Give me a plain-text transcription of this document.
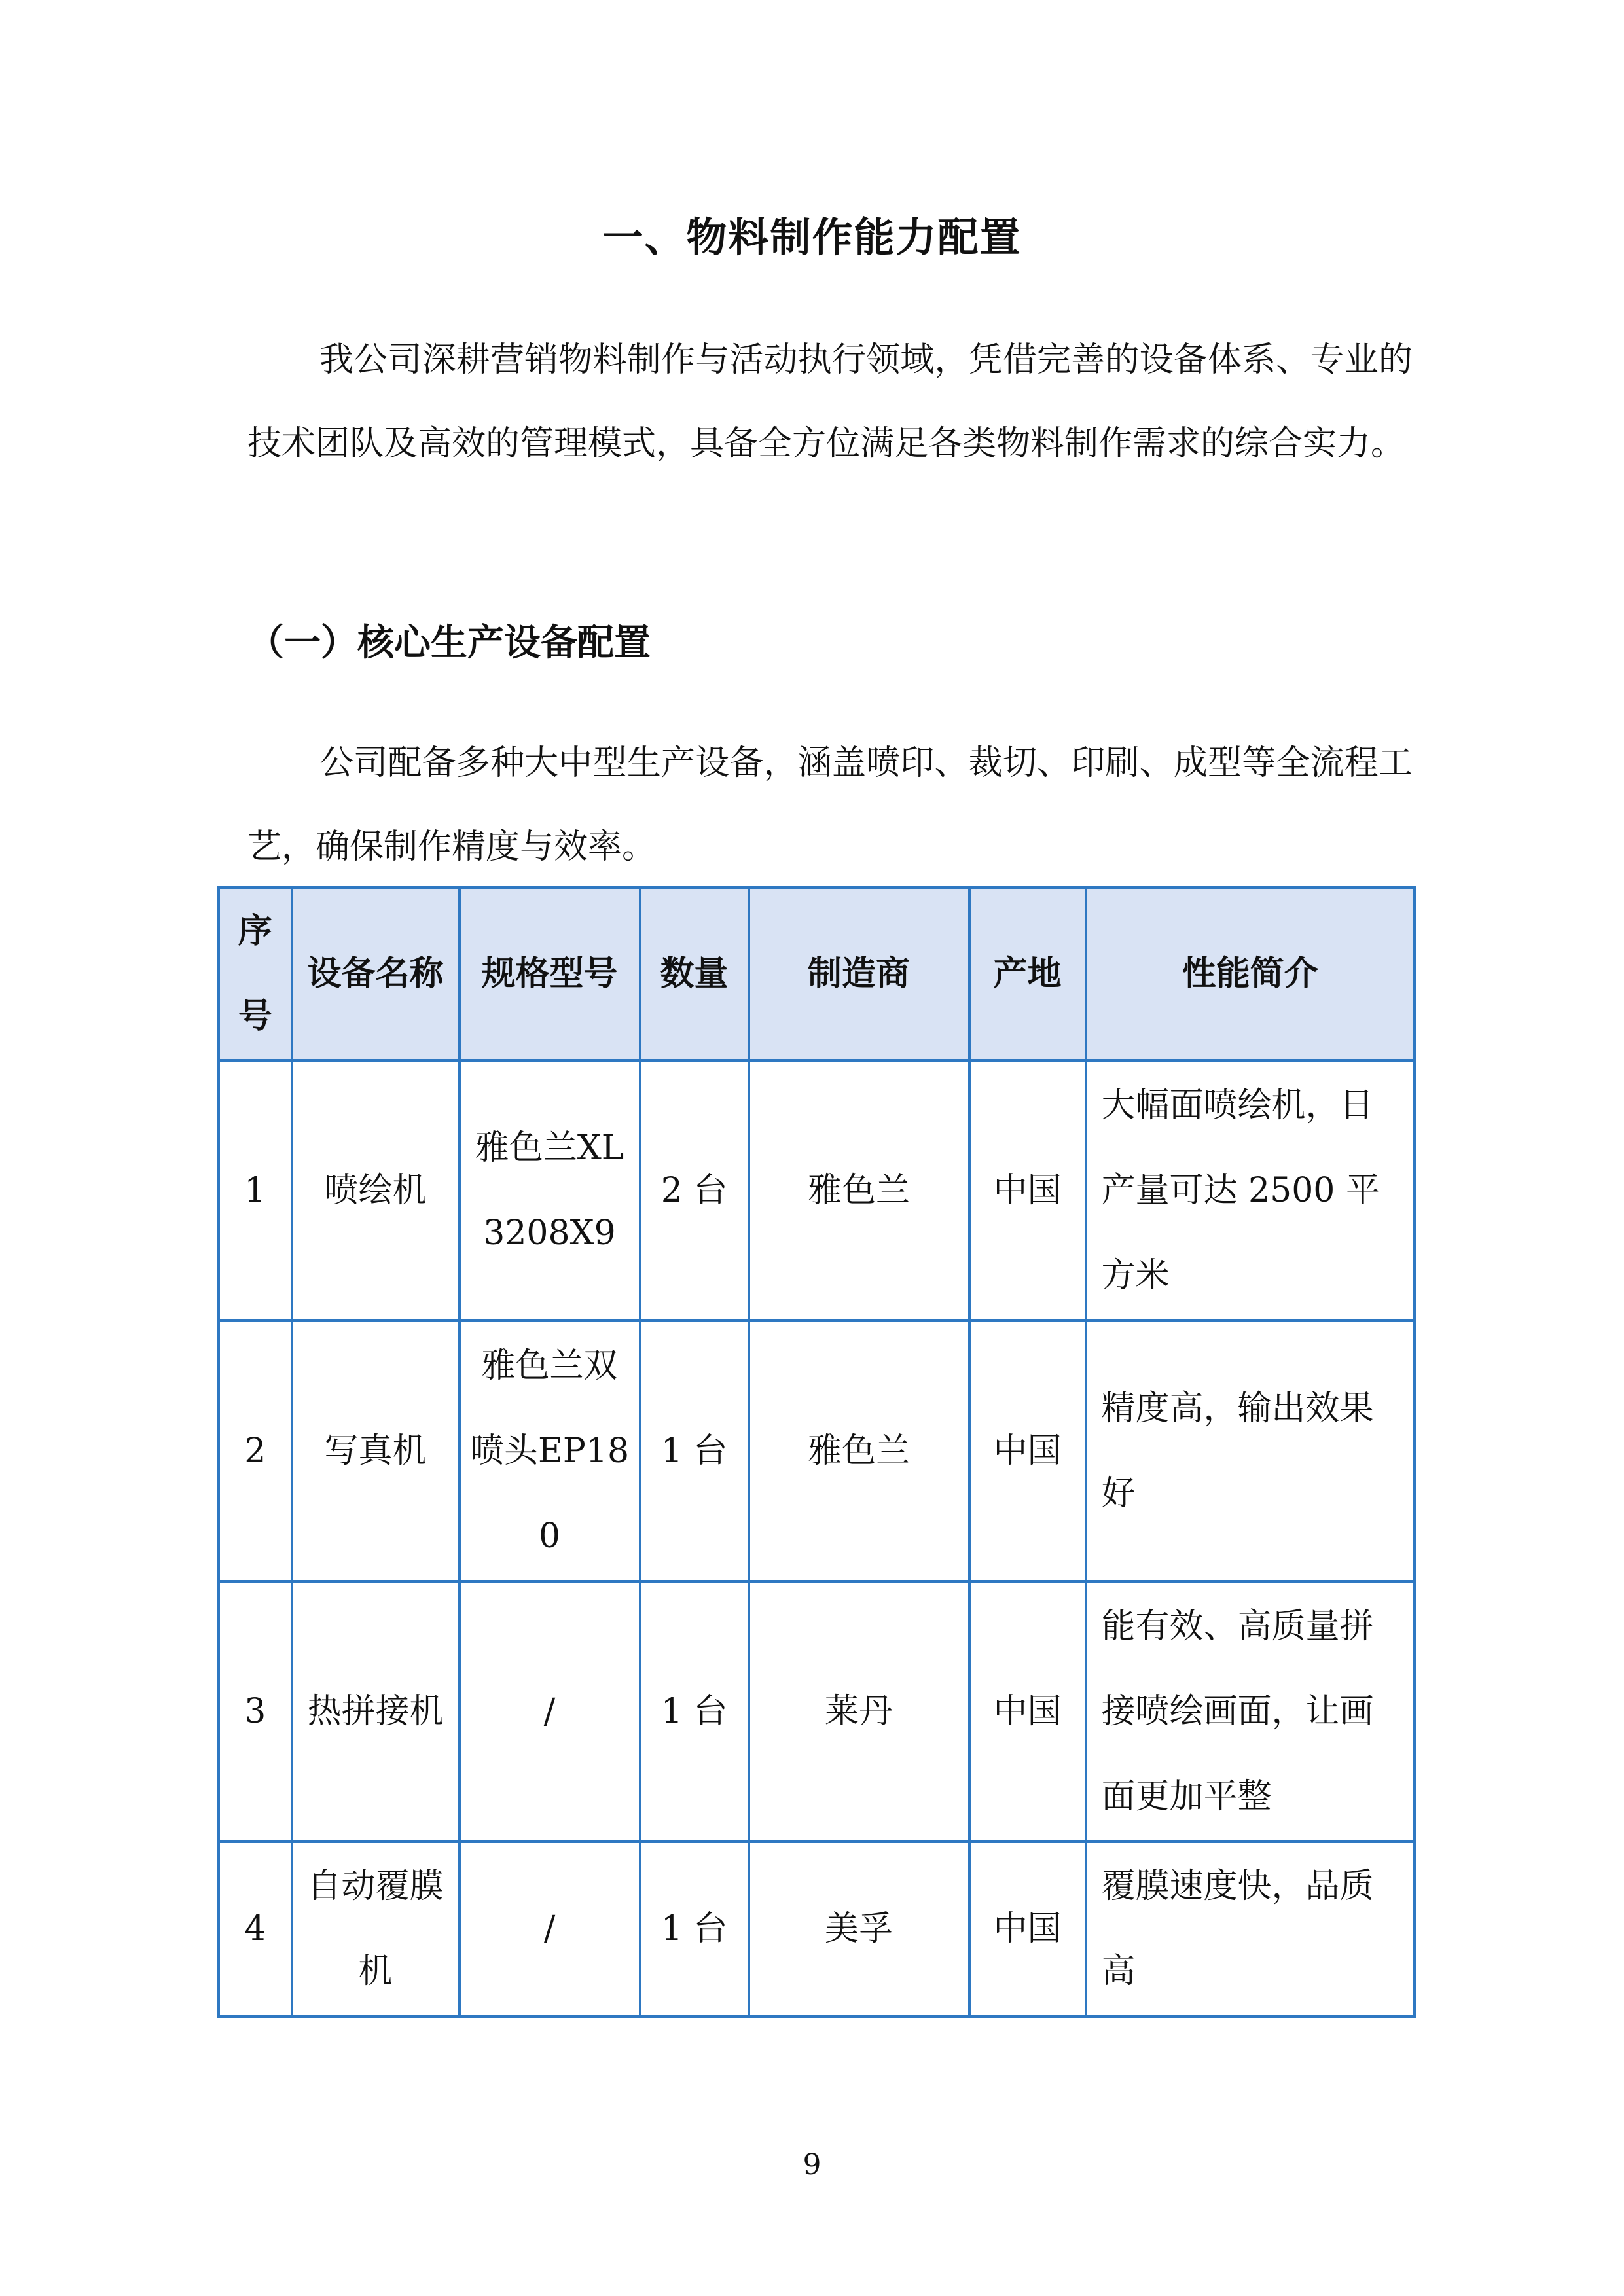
一、物料制作能力配置
我公司深耕营销物料制作与活动执行领域，凭借完善的设备体系、专业的技术团队及高效的管理模式，具备全方位满足各类物料制作需求的综合实力。
（一）核心生产设备配置
公司配备多种大中型生产设备，涵盖喷印、裁切、印刷、成型等全流程工艺，确保制作精度与效率。
序号	设备名称	规格型号	数量	制造商	产地	性能简介
1	喷绘机	雅色兰XL3208X9	2 台	雅色兰	中国	大幅面喷绘机，日产量可达 2500 平方米
2	写真机	雅色兰双喷头EP180	1 台	雅色兰	中国	精度高，输出效果好
3	热拼接机	/	1 台	莱丹	中国	能有效、高质量拼接喷绘画面，让画面更加平整
4	自动覆膜机	/	1 台	美孚	中国	覆膜速度快，品质高
9
